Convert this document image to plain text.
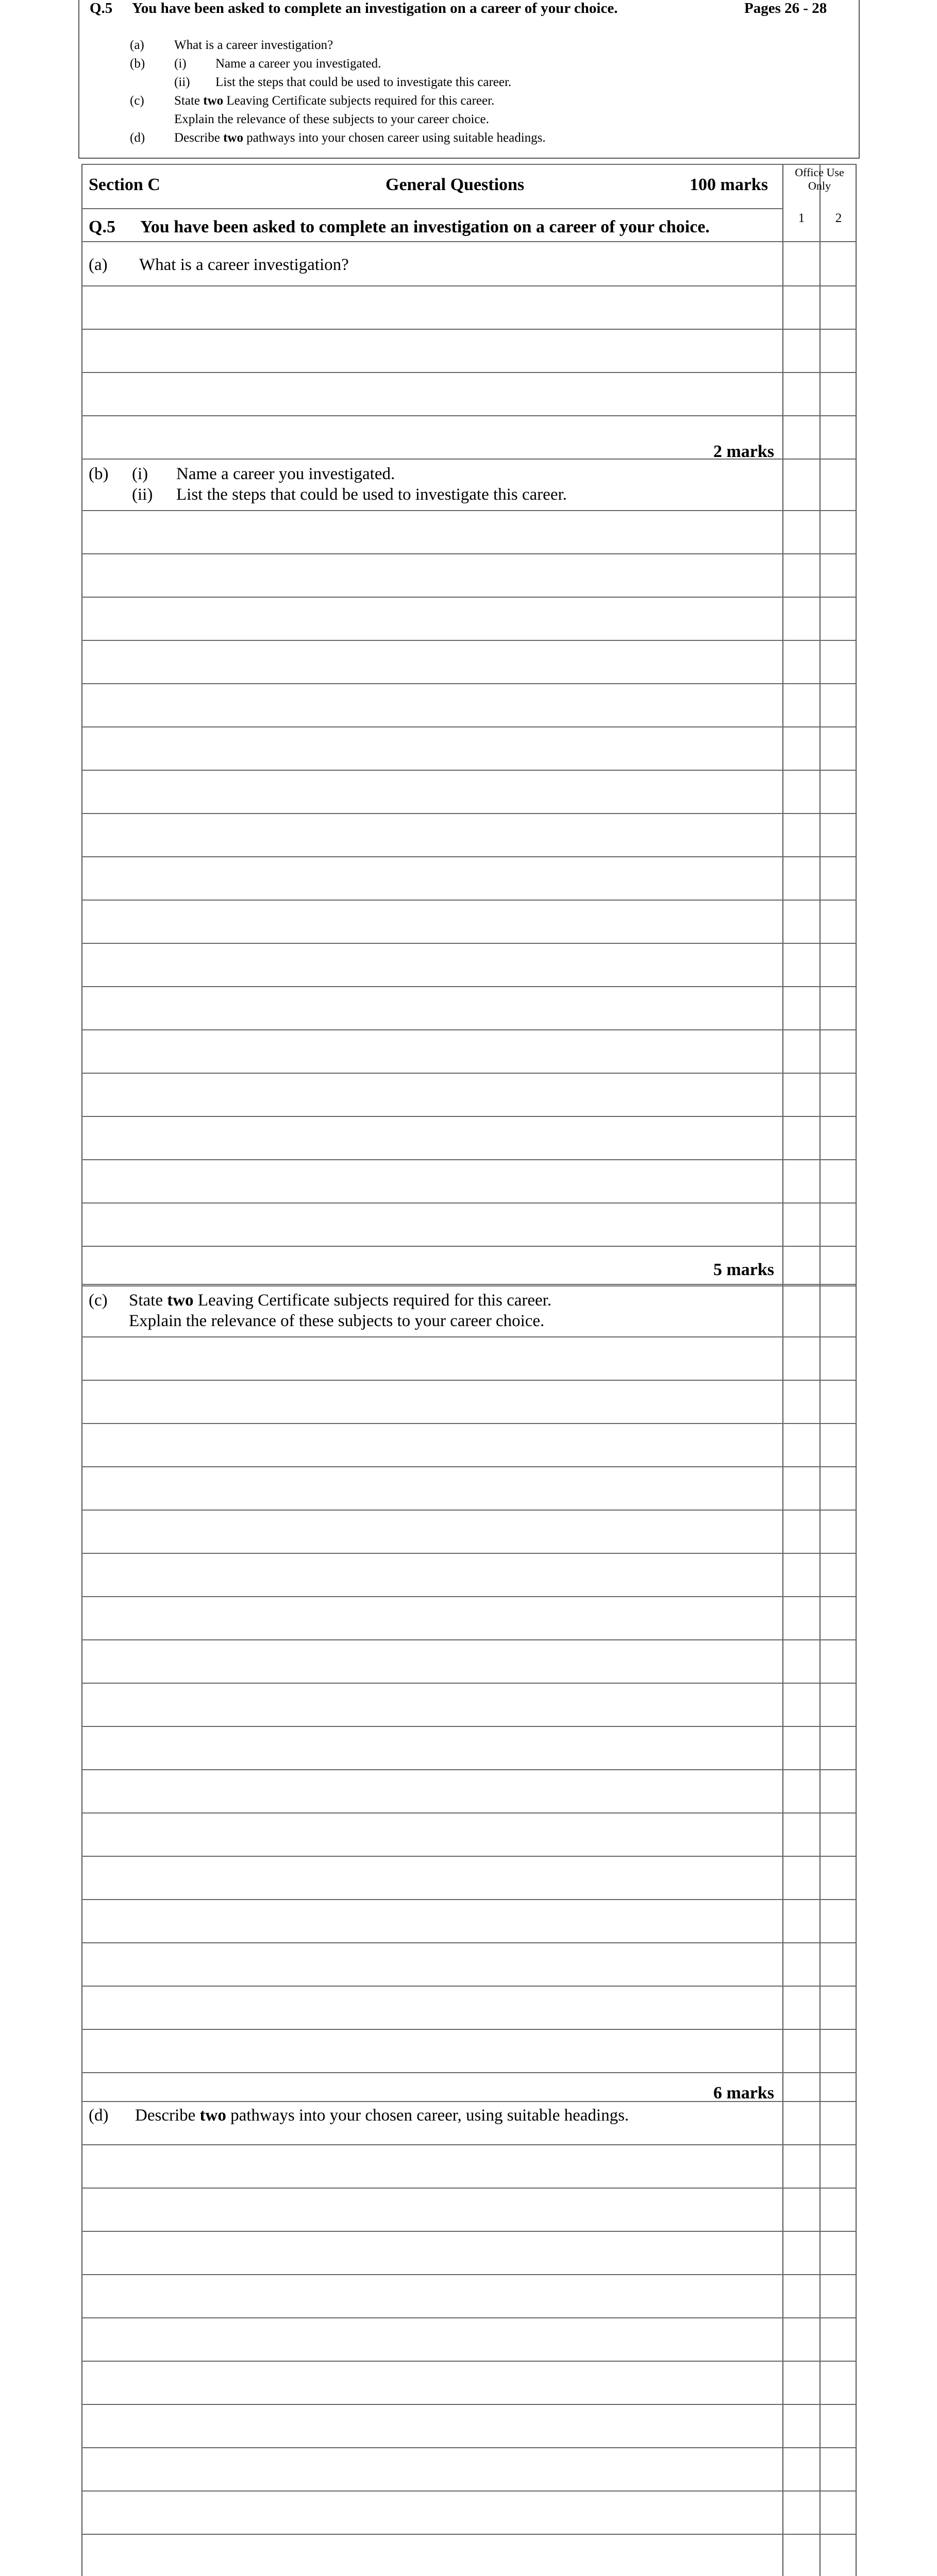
Q.5 You have been asked to complete an investigation on a career of your choice.	Pages 26 - 28
(a)	What is a career investigation?
(b)	(i)	Name a career you investigated.
(ii)	List the steps that could be used to investigate this career.
(c)	State two Leaving Certificate subjects required for this career.
Explain the relevance of these subjects to your career choice.
(d)	Describe two pathways into your chosen career using suitable headings.
Section C	General Questions	100 marks
Office Use Only
1	2
Q.5 You have been asked to complete an investigation on a career of your choice.
(a) What is a career investigation?
2 marks
(b) (i) Name a career you investigated.
(ii) List the steps that could be used to investigate this career.
5 marks
(c) State two Leaving Certificate subjects required for this career.
Explain the relevance of these subjects to your career choice.
6 marks
(d) Describe two pathways into your chosen career, using suitable headings.
